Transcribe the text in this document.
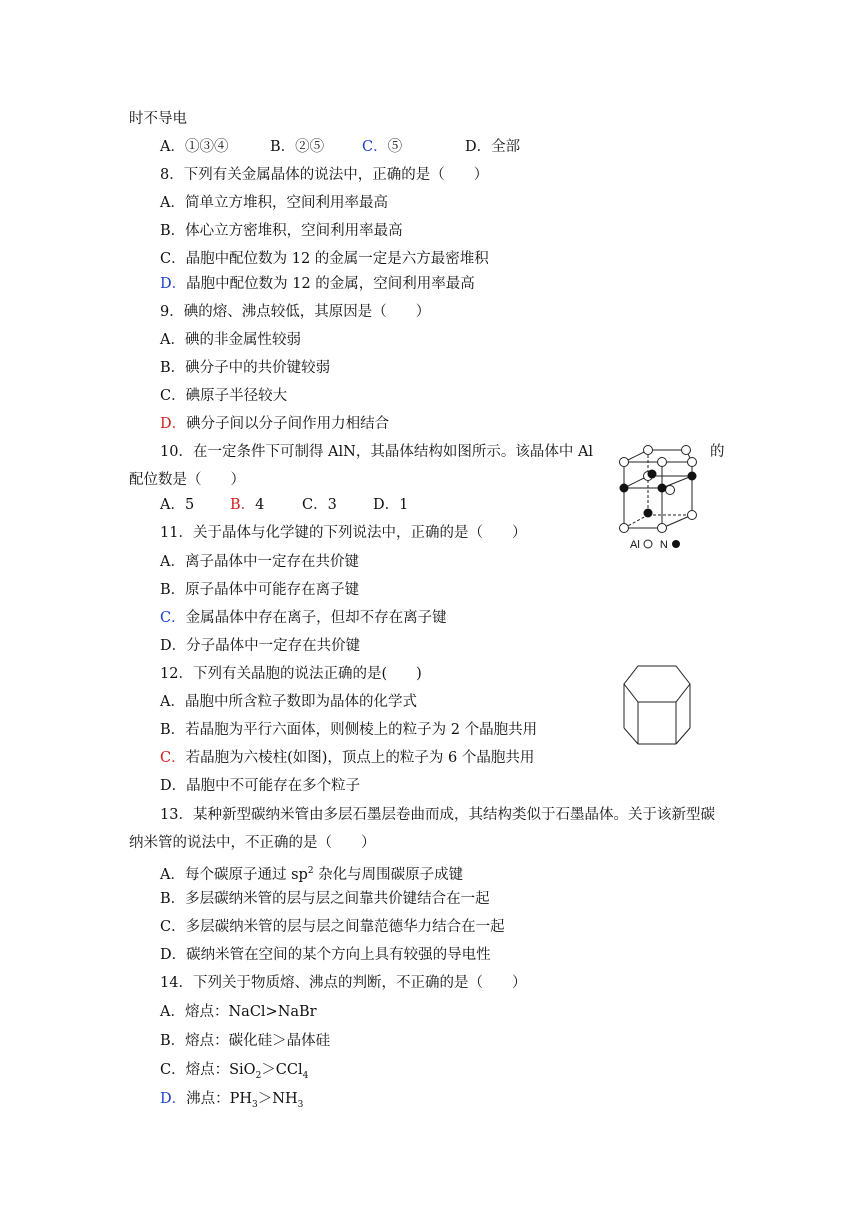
时不导电
A．①③④	B．②⑤	C．⑤	D．全部
8．下列有关金属晶体的说法中，正确的是（　　）
A．简单立方堆积，空间利用率最高
B．体心立方密堆积，空间利用率最高
C．晶胞中配位数为 12 的金属一定是六方最密堆积
D．晶胞中配位数为 12 的金属，空间利用率最高
9．碘的熔、沸点较低，其原因是（　　）
A．碘的非金属性较弱
B．碘分子中的共价键较弱
C．碘原子半径较大
D．碘分子间以分子间作用力相结合
10．在一定条件下可制得 AlN，其晶体结构如图所示。该晶体中 Al	的
配位数是（　　）
A．5 B．4	C．3 D．1
Al N
11．关于晶体与化学键的下列说法中，正确的是（　　）
A．离子晶体中一定存在共价键
C．金属晶体中存在离子，但却不存在离子键
D．分子晶体中一定存在共价键
12．下列有关晶胞的说法正确的是(　　)
A．晶胞中所含粒子数即为晶体的化学式
B．若晶胞为平行六面体，则侧棱上的粒子为 2 个晶胞共用
C．若晶胞为六棱柱(如图)，顶点上的粒子为 6 个晶胞共用
D．晶胞中不可能存在多个粒子
13．某种新型碳纳米管由多层石墨层卷曲而成，其结构类似于石墨晶体。关于该新型碳
纳米管的说法中，不正确的是（　　）
A．每个碳原子通过 $sp^2$ 杂化与周围碳原子成键
B．多层碳纳米管的层与层之间靠共价键结合在一起
C．多层碳纳米管的层与层之间靠范德华力结合在一起
D．碳纳米管在空间的某个方向上具有较强的导电性
14．下列关于物质熔、沸点的判断，不正确的是（　　）
A．熔点：NaCl>NaBr
B．熔点：碳化硅＞晶体硅
C．熔点：SiO$_2$＞CCl$_4$
D．沸点：$PH_3>NH_3$
B．原子晶体中可能存在离子键
